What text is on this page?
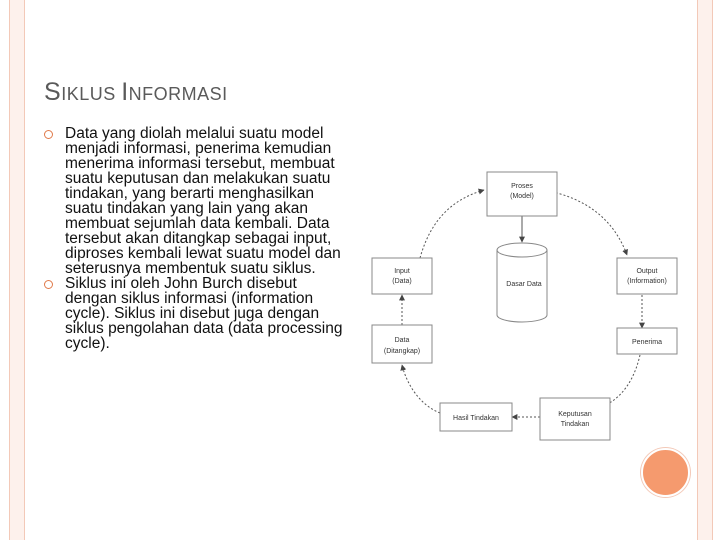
SIKLUS INFORMASI
Data yang diolah melalui suatu model menjadi informasi, penerima kemudian menerima informasi tersebut, membuat suatu keputusan dan melakukan suatu tindakan, yang berarti menghasilkan suatu tindakan yang lain yang akan membuat sejumlah data kembali. Data tersebut akan ditangkap sebagai input, diproses kembali lewat suatu model dan seterusnya membentuk suatu siklus.
Siklus ini oleh John Burch disebut dengan siklus informasi (information cycle). Siklus ini disebut juga dengan siklus pengolahan data (data processing cycle).
Proses
(Model)
Dasar Data
Input
(Data)
Output
(Information)
Data
(Ditangkap)
Penerima
Hasil Tindakan
Keputusan
Tindakan
